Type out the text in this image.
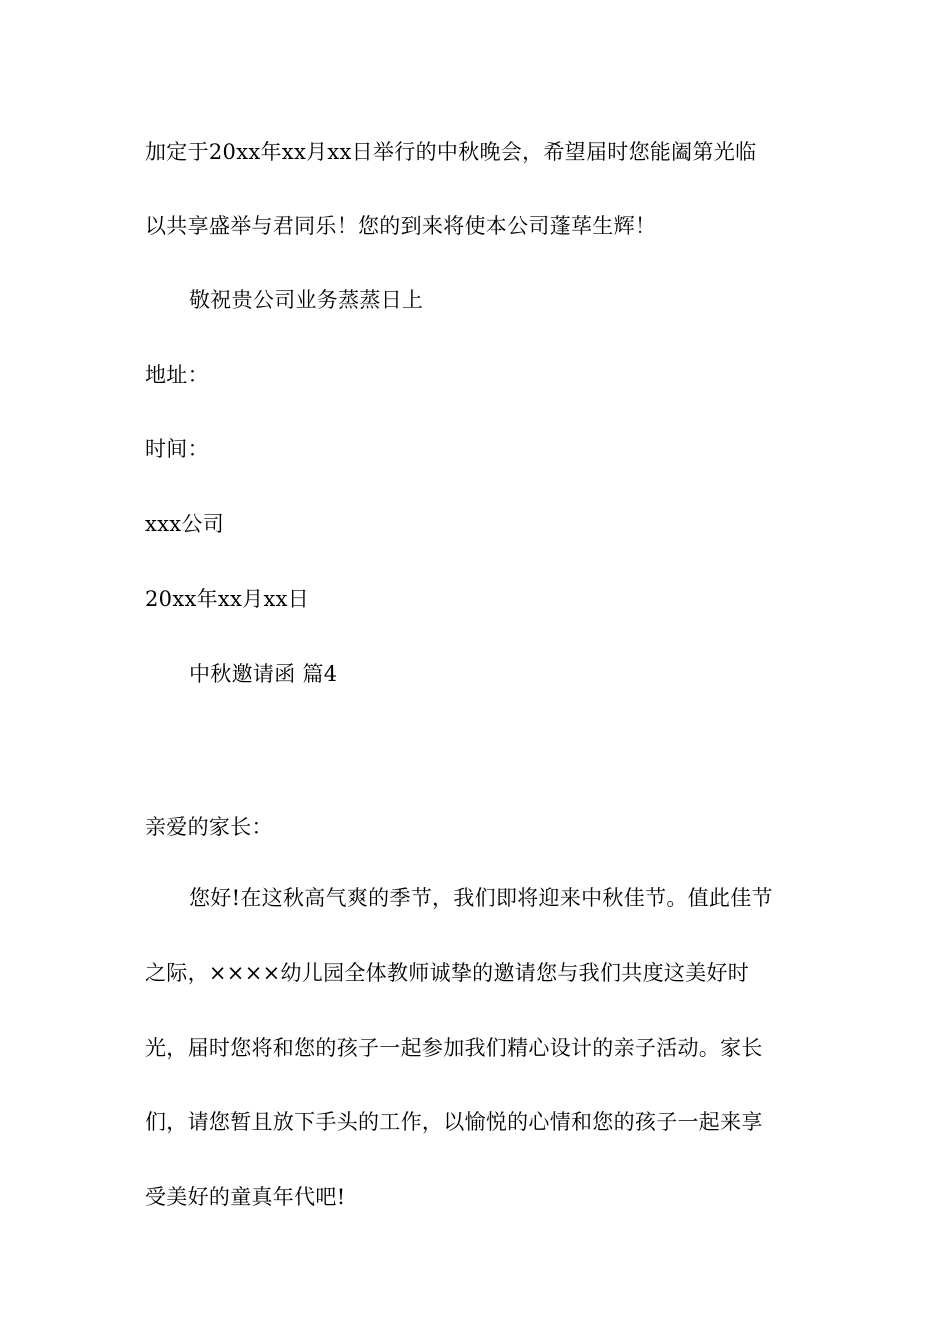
加定于20xx年xx月xx日举行的中秋晚会，希望届时您能阖第光临
以共享盛举与君同乐！您的到来将使本公司蓬荜生辉！
敬祝贵公司业务蒸蒸日上
地址：
时间：
xxx公司
20xx年xx月xx日
中秋邀请函 篇4
亲爱的家长：
您好!在这秋高气爽的季节，我们即将迎来中秋佳节。值此佳节
之际，××××幼儿园全体教师诚挚的邀请您与我们共度这美好时
光，届时您将和您的孩子一起参加我们精心设计的亲子活动。家长
们，请您暂且放下手头的工作，以愉悦的心情和您的孩子一起来享
受美好的童真年代吧!
